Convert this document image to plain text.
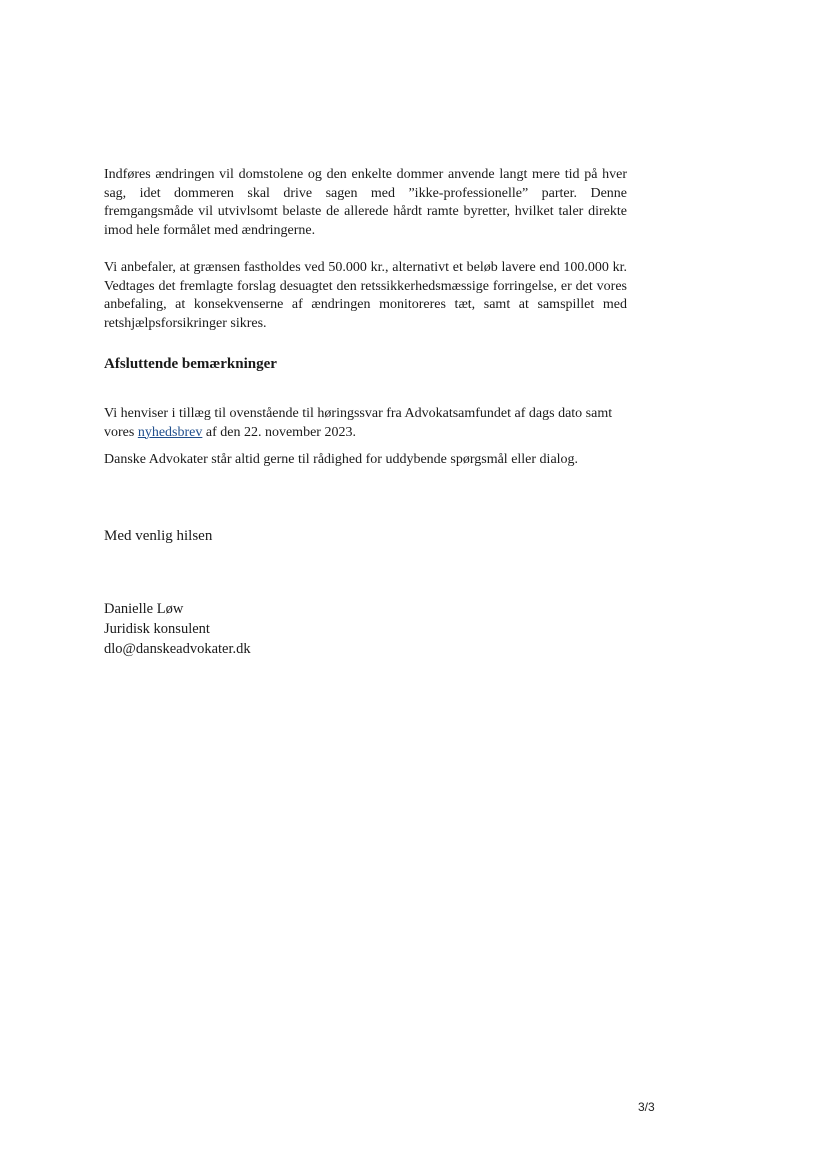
Indføres ændringen vil domstolene og den enkelte dommer anvende langt mere tid på hver sag, idet dommeren skal drive sagen med ”ikke-professionelle” parter. Denne fremgangsmåde vil utvivlsomt belaste de allerede hårdt ramte byretter, hvilket taler direkte imod hele formålet med ændringerne.

Vi anbefaler, at grænsen fastholdes ved 50.000 kr., alternativt et beløb lavere end 100.000 kr. Vedtages det fremlagte forslag desuagtet den retssikkerhedsmæssige forringelse, er det vores anbefaling, at konsekvenserne af ændringen monitoreres tæt, samt at samspillet med retshjælpsforsikringer sikres.

Afsluttende bemærkninger

Vi henviser i tillæg til ovenstående til høringssvar fra Advokatsamfundet af dags dato samt vores nyhedsbrev af den 22. november 2023.

Danske Advokater står altid gerne til rådighed for uddybende spørgsmål eller dialog.

Med venlig hilsen

Danielle Løw

Juridisk konsulent

dlo@danskeadvokater.dk

3/3
